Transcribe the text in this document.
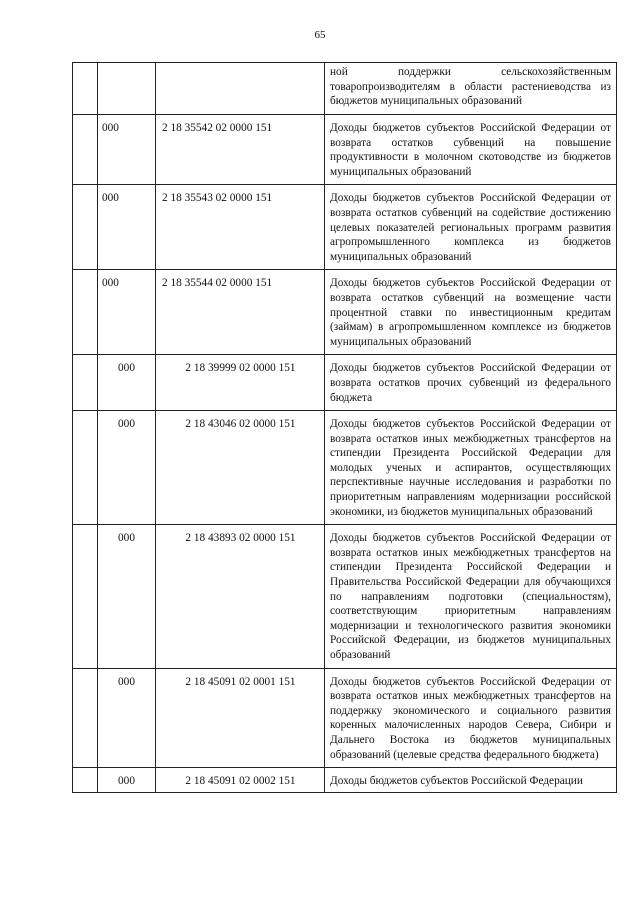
65
			ной поддержки сельскохозяйственным товаропроизводителям в области растениеводства из бюджетов муниципальных образований
	000	2 18 35542 02 0000 151	Доходы бюджетов субъектов Российской Федерации от возврата остатков субвенций на повышение продуктивности в молочном скотоводстве из бюджетов муниципальных образований
	000	2 18 35543 02 0000 151	Доходы бюджетов субъектов Российской Федерации от возврата остатков субвенций на содействие достижению целевых показателей региональных программ развития агропромышленного комплекса из бюджетов муниципальных образований
	000	2 18 35544 02 0000 151	Доходы бюджетов субъектов Российской Федерации от возврата остатков субвенций на возмещение части процентной ставки по инвестиционным кредитам (займам) в агропромышленном комплексе из бюджетов муниципальных образований
	000	2 18 39999 02 0000 151	Доходы бюджетов субъектов Российской Федерации от возврата остатков прочих субвенций из федерального бюджета
	000	2 18 43046 02 0000 151	Доходы бюджетов субъектов Российской Федерации от возврата остатков иных межбюджетных трансфертов на стипендии Президента Российской Федерации для молодых ученых и аспирантов, осуществляющих перспективные научные исследования и разработки по приоритетным направлениям модернизации российской экономики, из бюджетов муниципальных образований
	000	2 18 43893 02 0000 151	Доходы бюджетов субъектов Российской Федерации от возврата остатков иных межбюджетных трансфертов на стипендии Президента Российской Федерации и Правительства Российской Федерации для обучающихся по направлениям подготовки (специальностям), соответствующим приоритетным направлениям модернизации и технологического развития экономики Российской Федерации, из бюджетов муниципальных образований
	000	2 18 45091 02 0001 151	Доходы бюджетов субъектов Российской Федерации от возврата остатков иных межбюджетных трансфертов на поддержку экономического и социального развития коренных малочисленных народов Севера, Сибири и Дальнего Востока из бюджетов муниципальных образований (целевые средства федерального бюджета)
	000	2 18 45091 02 0002 151	Доходы бюджетов субъектов Российской Федерации
